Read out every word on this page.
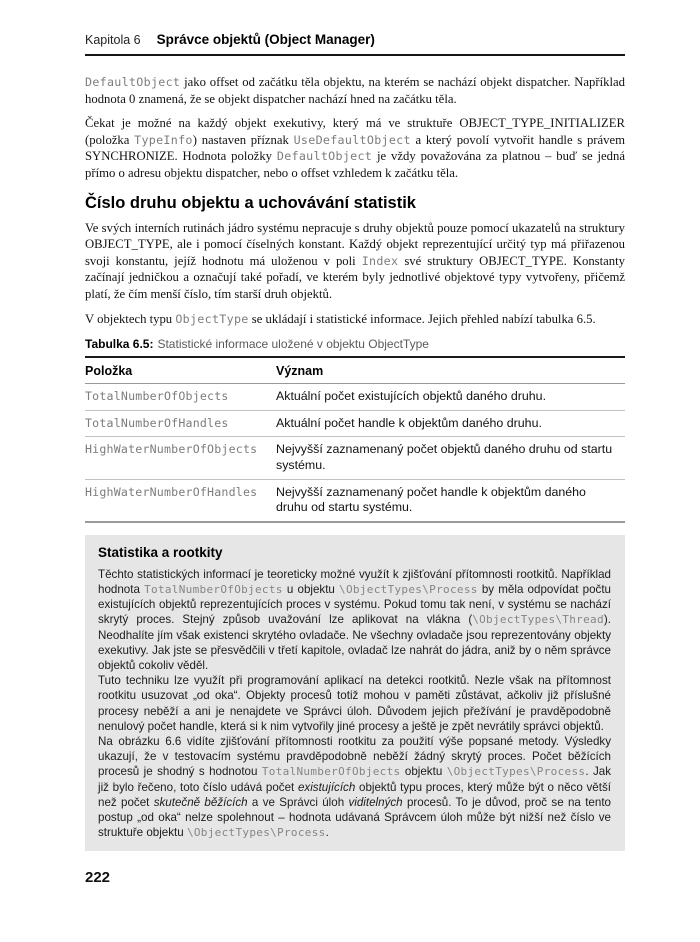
Kapitola 6 Správce objektů (Object Manager)

DefaultObject jako offset od začátku těla objektu, na kterém se nachází objekt dispatcher. Například hodnota 0 znamená, že se objekt dispatcher nachází hned na začátku těla.

Čekat je možné na každý objekt exekutivy, který má ve struktuře OBJECT_TYPE_INITIALIZER (položka TypeInfo) nastaven příznak UseDefaultObject a který povolí vytvořit handle s právem SYNCHRONIZE. Hodnota položky DefaultObject je vždy považována za platnou – buď se jedná přímo o adresu objektu dispatcher, nebo o offset vzhledem k začátku těla.

Číslo druhu objektu a uchovávání statistik

Ve svých interních rutinách jádro systému nepracuje s druhy objektů pouze pomocí ukazatelů na struktury OBJECT_TYPE, ale i pomocí číselných konstant. Každý objekt reprezentující určitý typ má přiřazenou svoji konstantu, jejíž hodnotu má uloženou v poli Index své struktury OBJECT_TYPE. Konstanty začínají jedničkou a označují také pořadí, ve kterém byly jednotlivé objektové typy vytvořeny, přičemž platí, že čím menší číslo, tím starší druh objektů.

V objektech typu ObjectType se ukládají i statistické informace. Jejich přehled nabízí tabulka 6.5.

Tabulka 6.5: Statistické informace uložené v objektu ObjectType

Položka	Význam
TotalNumberOfObjects	Aktuální počet existujících objektů daného druhu.
TotalNumberOfHandles	Aktuální počet handle k objektům daného druhu.
HighWaterNumberOfObjects	Nejvyšší zaznamenaný počet objektů daného druhu od startu systému.
HighWaterNumberOfHandles	Nejvyšší zaznamenaný počet handle k objektům daného druhu od startu systému.
Statistika a rootkity

Těchto statistických informací je teoreticky možné využít k zjišťování přítomnosti rootkitů. Například hodnota TotalNumberOfObjects u objektu \ObjectTypes\Process by měla odpovídat počtu existujících objektů reprezentujících proces v systému. Pokud tomu tak není, v systému se nachází skrytý proces. Stejný způsob uvažování lze aplikovat na vlákna (\ObjectTypes\Thread). Neodhalíte jím však existenci skrytého ovladače. Ne všechny ovladače jsou reprezentovány objekty exekutivy. Jak jste se přesvědčili v třetí kapitole, ovladač lze nahrát do jádra, aniž by o něm správce objektů cokoliv věděl.

Tuto techniku lze využít při programování aplikací na detekci rootkitů. Nezle však na přítomnost rootkitu usuzovat „od oka“. Objekty procesů totiž mohou v paměti zůstávat, ačkoliv již příslušné procesy neběží a ani je nenajdete ve Správci úloh. Důvodem jejich přežívání je pravděpodobně nenulový počet handle, která si k nim vytvořily jiné procesy a ještě je zpět nevrátily správci objektů.

Na obrázku 6.6 vidíte zjišťování přítomnosti rootkitu za použití výše popsané metody. Výsledky ukazují, že v testovacím systému pravděpodobně neběží žádný skrytý proces. Počet běžících procesů je shodný s hodnotou TotalNumberOfObjects objektu \ObjectTypes\Process. Jak již bylo řečeno, toto číslo udává počet existujících objektů typu proces, který může být o něco větší než počet skutečně běžících a ve Správci úloh viditelných procesů. To je důvod, proč se na tento postup „od oka“ nelze spolehnout – hodnota udávaná Správcem úloh může být nižší než číslo ve struktuře objektu \ObjectTypes\Process.

222
